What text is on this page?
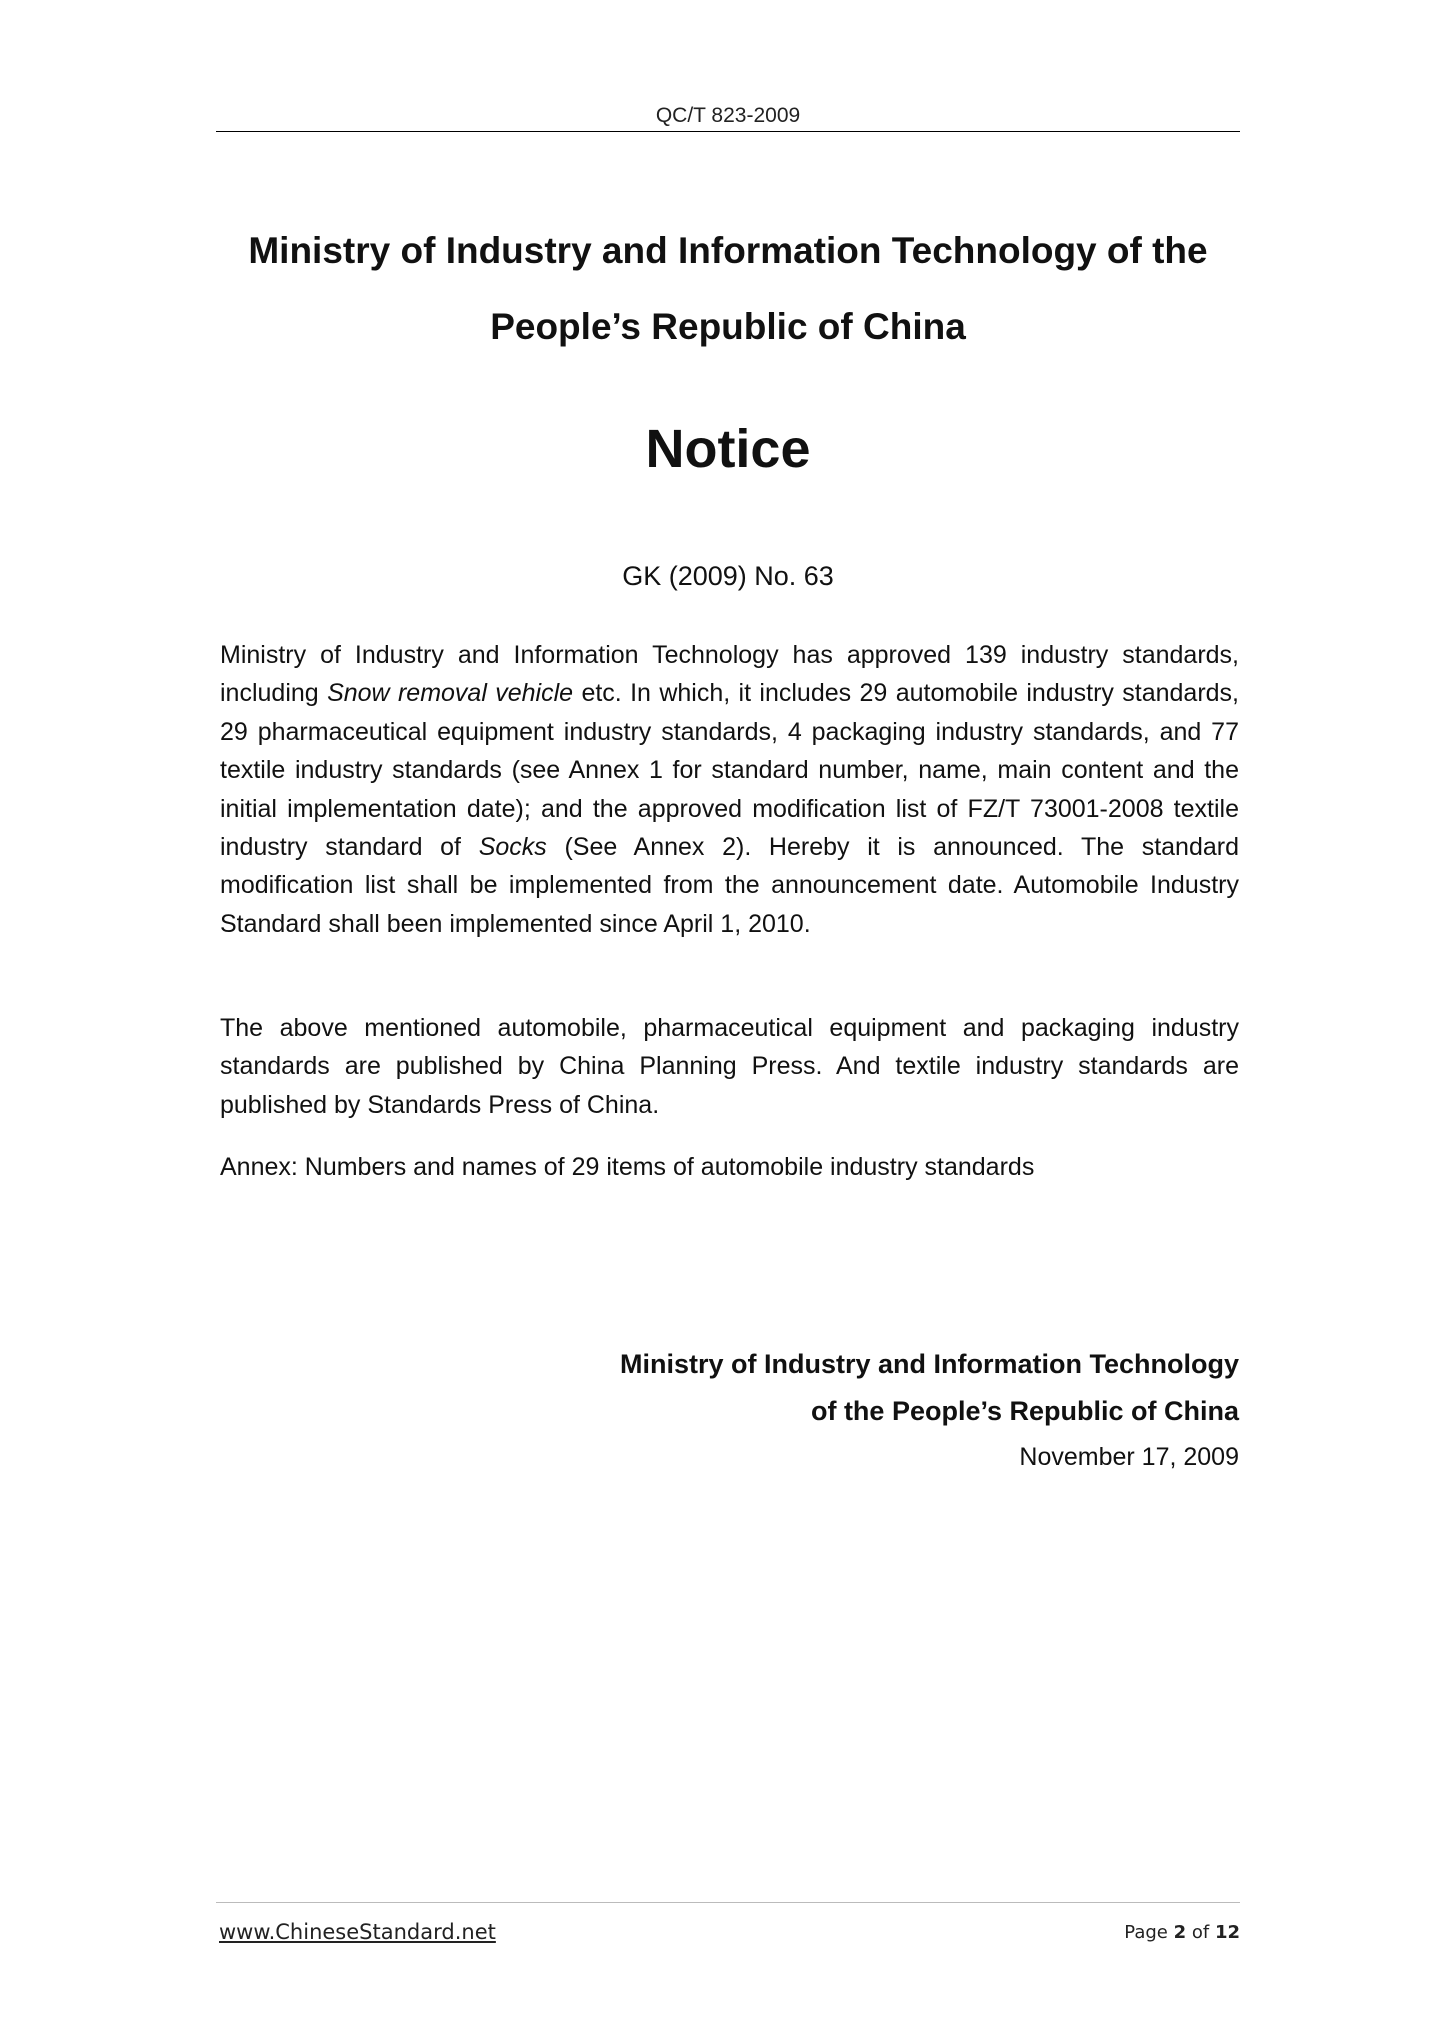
QC/T 823-2009
Ministry of Industry and Information Technology of the
People’s Republic of China
Notice
GK (2009) No. 63
Ministry of Industry and Information Technology has approved 139 industry standards, including Snow removal vehicle etc. In which, it includes 29 automobile industry standards, 29 pharmaceutical equipment industry standards, 4 packaging industry standards, and 77 textile industry standards (see Annex 1 for standard number, name, main content and the initial implementation date); and the approved modification list of FZ/T 73001-2008 textile industry standard of Socks (See Annex 2). Hereby it is announced. The standard modification list shall be implemented from the announcement date. Automobile Industry Standard shall been implemented since April 1, 2010.
The above mentioned automobile, pharmaceutical equipment and packaging industry standards are published by China Planning Press. And textile industry standards are published by Standards Press of China.
Annex: Numbers and names of 29 items of automobile industry standards
Ministry of Industry and Information Technology
of the People’s Republic of China
November 17, 2009
www.ChineseStandard.net	Page 2 of 12
